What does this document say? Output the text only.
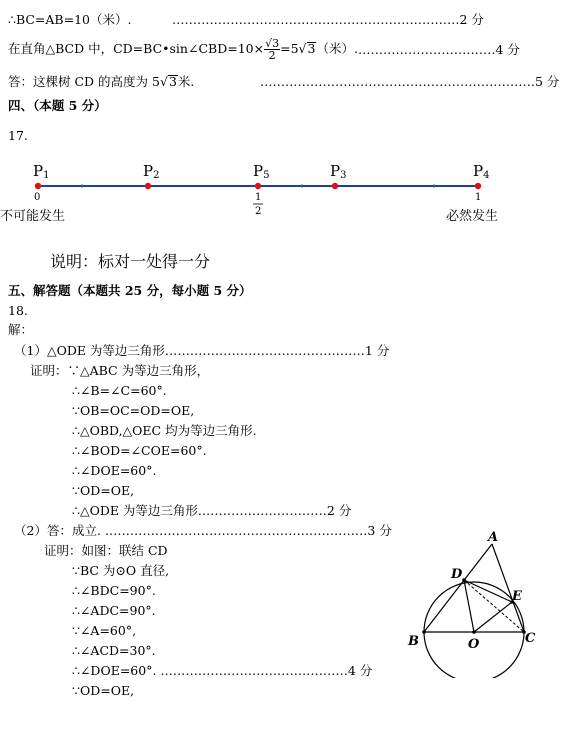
∴BC=AB=10（米）.	……………………………………………………………2 分
在直角△BCD 中，CD=BC•sin∠CBD=10× $\frac{√3}{2} =5√3$（米）. ……………………………4 分
答：这棵树 CD 的高度为 5√3米.	…………………………………………………………5 分
四、（本题 5 分）
17.
P1	P2	P5	P3	P4
0	1
2
1
不可能发生	必然发生
说明：标对一处得一分
五、解答题（本题共 25 分，每小题 5 分）
18.
解：
（1）△ODE 为等边三角形…………………………………………1 分
证明：∵△ABC 为等边三角形，
∴∠B=∠C=60°.
∵OB=OC=OD=OE,
∴△OBD,△OEC 均为等边三角形.
∴∠BOD=∠COE=60°.
∴∠DOE=60°.
∵OD=OE,
∴△ODE 为等边三角形.…………………………2 分
（2）答：成立. ………………………………………………………3 分
证明：如图：联结 CD
∵BC 为⊙O 直径,
∴∠BDC=90°.
∴∠ADC=90°.
∵∠A=60°,
∴∠ACD=30°.
∴∠DOE=60°. ………………………………………4 分
∵OD=OE,
A
B	C
D
E
O
